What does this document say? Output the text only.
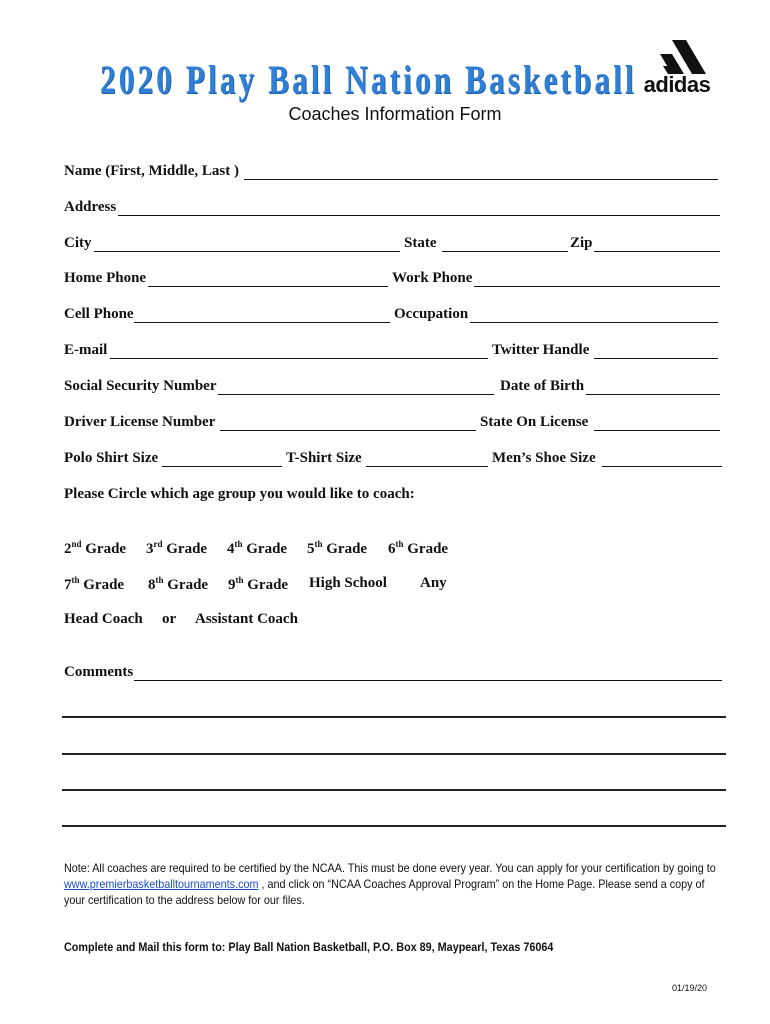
2020 Play Ball Nation Basketball adidas
Coaches Information Form
Name (First, Middle, Last )
Address
City	State	Zip
Home Phone	Work Phone
Cell Phone	Occupation
E-mail	Twitter Handle
Social Security Number	Date of Birth
Driver License Number	State On License
Polo Shirt Size	T-Shirt Size	Men’s Shoe Size
Please Circle which age group you would like to coach:
2nd Grade 3rd Grade 4th Grade 5th Grade 6th Grade
7th Grade 8th Grade 9th Grade High School Any
Head Coach or Assistant Coach
Comments
Note: All coaches are required to be certified by the NCAA. This must be done every year. You can apply for your certification by going to www.premierbasketballtournaments.com , and click on “NCAA Coaches Approval Program” on the Home Page. Please send a copy of your certification to the address below for our files.
Complete and Mail this form to: Play Ball Nation Basketball, P.O. Box 89, Maypearl, Texas 76064
01/19/20
